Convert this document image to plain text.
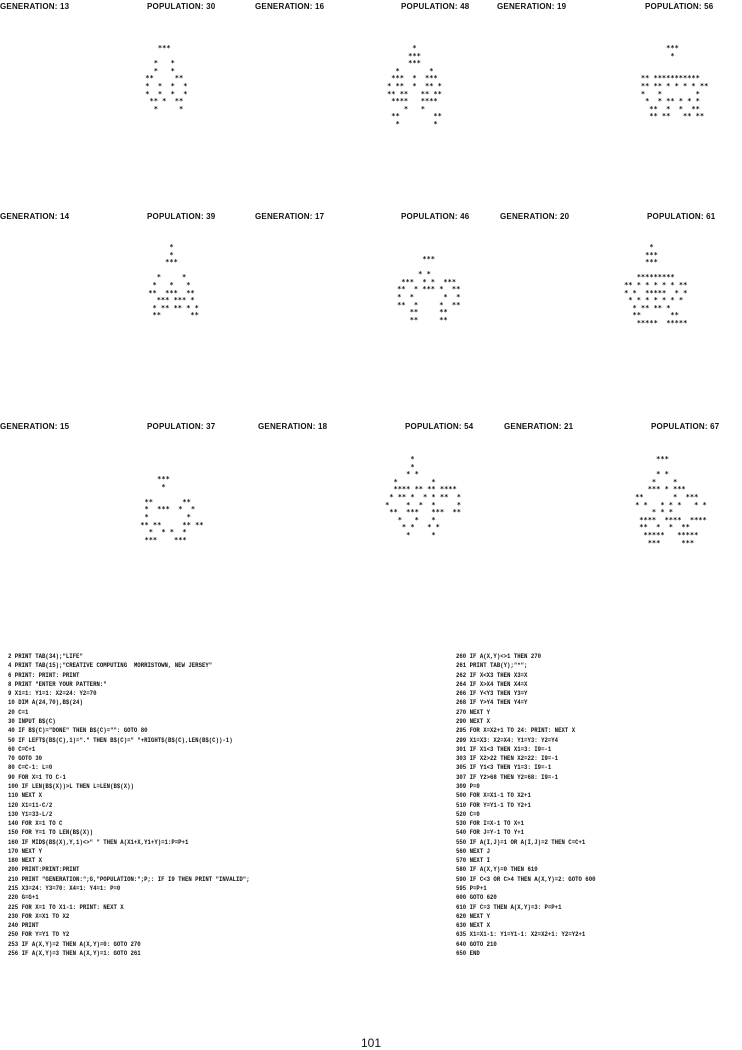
GENERATION: 13	POPULATION: 30
***

*   *
*   *
**     **
*  *  *  *
*  *  *  *
** *  **
*     *
GENERATION: 16	POPULATION: 48
*
***
***
*       *
***  *  ***
* **  *  ** *
** **   ** **
****   ****
*   *
**        **
*        *
GENERATION: 19	POPULATION: 56
***
*

** ***********
** ** * * * * **
*   *        *
*  * ** * * *
**  *  *  **
** **   ** **
GENERATION: 14	POPULATION: 39
*
*
***

*     *
*   *   *
**  ***  **
*** *** *
* ** ** * *
**       **
GENERATION: 17	POPULATION: 46
***

* *
***  * *  ***
**  * *** *  **
*  *       *  *
**  *     *  **
**     **
**     **
GENERATION: 20	POPULATION: 61
*
***
***

*********
** * * * * * **
* *  *****  * *
* * * * * * *
* ** ** *
**       **
*****  *****
GENERATION: 15	POPULATION: 37
***
*

**       **
*  ***  *  *
*         *
** **     ** **
*  * *  *
***    ***
GENERATION: 18	POPULATION: 54
*
*
* *
*        *
**** ** ** ****
* ** *  * * **  *
*    *  *  *     *
**  ***   ***  **
*   *   *
* *   * *
*     *
GENERATION: 21	POPULATION: 67
***

* *
*    *
*** * ***
**       *  ***
* *   * * *   * *
* * *
****  ****  ****
**  *  *  **
*****   *****
***     ***
2 PRINT TAB(34);"LIFE"
4 PRINT TAB(15);"CREATIVE COMPUTING  MORRISTOWN, NEW JERSEY"
6 PRINT: PRINT: PRINT
8 PRINT "ENTER YOUR PATTERN:"
9 X1=1: Y1=1: X2=24: Y2=70
10 DIM A(24,70),B$(24)
20 C=1
30 INPUT B$(C)
40 IF B$(C)="DONE" THEN B$(C)="": GOTO 80
50 IF LEFT$(B$(C),1)="." THEN B$(C)=" "+RIGHT$(B$(C),LEN(B$(C))-1)
60 C=C+1
70 GOTO 30
80 C=C-1: L=0
90 FOR X=1 TO C-1
100 IF LEN(B$(X))>L THEN L=LEN(B$(X))
110 NEXT X
120 X1=11-C/2
130 Y1=33-L/2
140 FOR X=1 TO C
150 FOR Y=1 TO LEN(B$(X))
160 IF MID$(B$(X),Y,1)<>" " THEN A(X1+X,Y1+Y)=1:P=P+1
170 NEXT Y
180 NEXT X
200 PRINT:PRINT:PRINT
210 PRINT "GENERATION:";G,"POPULATION:";P;: IF I9 THEN PRINT "INVALID";
215 X3=24: Y3=70: X4=1: Y4=1: P=0
220 G=G+1
225 FOR X=1 TO X1-1: PRINT: NEXT X
230 FOR X=X1 TO X2
240 PRINT
250 FOR Y=Y1 TO Y2
253 IF A(X,Y)=2 THEN A(X,Y)=0: GOTO 270
256 IF A(X,Y)=3 THEN A(X,Y)=1: GOTO 261
260 IF A(X,Y)<>1 THEN 270
261 PRINT TAB(Y);"*";
262 IF X<X3 THEN X3=X
264 IF X>X4 THEN X4=X
266 IF Y<Y3 THEN Y3=Y
268 IF Y>Y4 THEN Y4=Y
270 NEXT Y
290 NEXT X
295 FOR X=X2+1 TO 24: PRINT: NEXT X
299 X1=X3: X2=X4: Y1=Y3: Y2=Y4
301 IF X1<3 THEN X1=3: I9=-1
303 IF X2>22 THEN X2=22: I9=-1
305 IF Y1<3 THEN Y1=3: I9=-1
307 IF Y2>68 THEN Y2=68: I9=-1
309 P=0
500 FOR X=X1-1 TO X2+1
510 FOR Y=Y1-1 TO Y2+1
520 C=0
530 FOR I=X-1 TO X+1
540 FOR J=Y-1 TO Y+1
550 IF A(I,J)=1 OR A(I,J)=2 THEN C=C+1
560 NEXT J
570 NEXT I
580 IF A(X,Y)=0 THEN 610
590 IF C<3 OR C>4 THEN A(X,Y)=2: GOTO 600
595 P=P+1
600 GOTO 620
610 IF C=3 THEN A(X,Y)=3: P=P+1
620 NEXT Y
630 NEXT X
635 X1=X1-1: Y1=Y1-1: X2=X2+1: Y2=Y2+1
640 GOTO 210
650 END
101
